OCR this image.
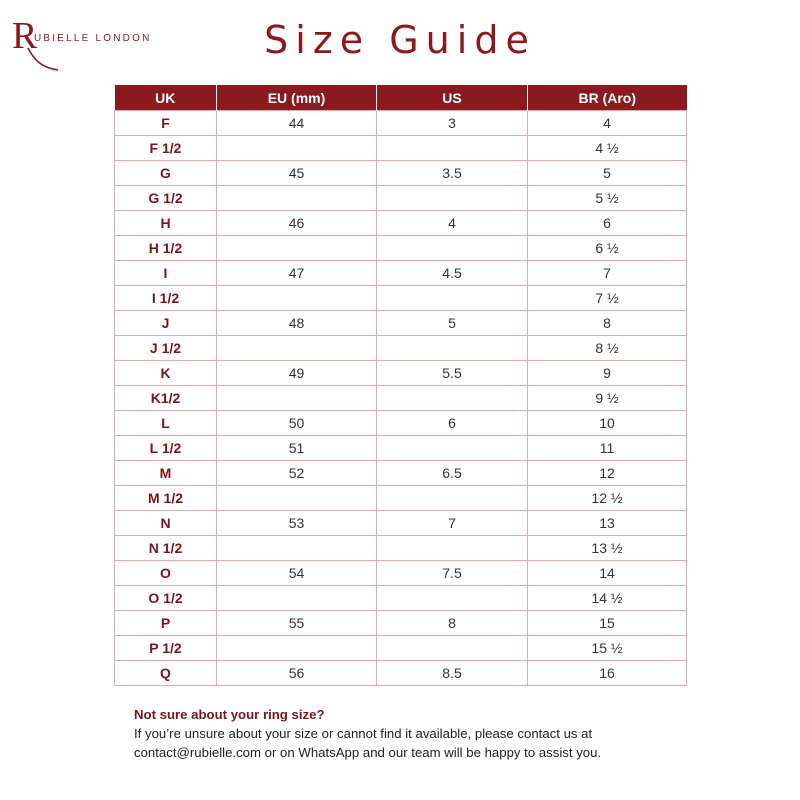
R
UBIELLE LONDON	Size Guide
UK	EU (mm)	US	BR (Aro)
F	44	3	4
F 1/2			4 ½
G	45	3.5	5
G 1/2			5 ½
H	46	4	6
H 1/2			6 ½
I	47	4.5	7
I 1/2			7 ½
J	48	5	8
J 1/2			8 ½
K	49	5.5	9
K1/2			9 ½
L	50	6	10
L 1/2	51		11
M	52	6.5	12
M 1/2			12 ½
N	53	7	13
N 1/2			13 ½
O	54	7.5	14
O 1/2			14 ½
P	55	8	15
P 1/2			15 ½
Q	56	8.5	16
Not sure about your ring size?
If you’re unsure about your size or cannot find it available, please contact us at contact@rubielle.com or on WhatsApp and our team will be happy to assist you.
